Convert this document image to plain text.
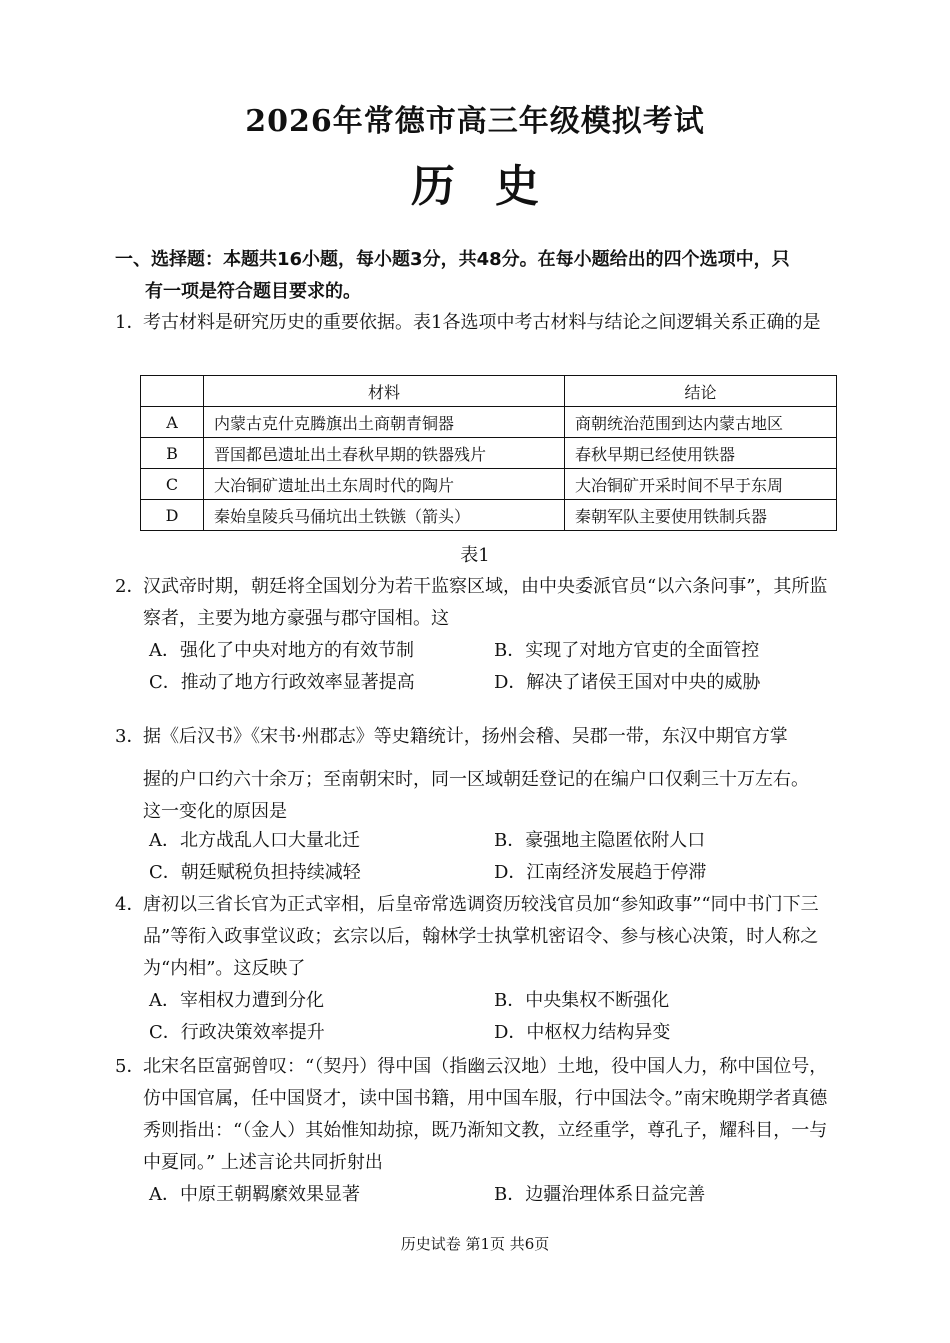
2026年常德市高三年级模拟考试
历史
一、选择题：本题共16小题，每小题3分，共48分。在每小题给出的四个选项中，只
有一项是符合题目要求的。
1．
考古材料是研究历史的重要依据。表1各选项中考古材料与结论之间逻辑关系正确的是
	材料	结论
A	内蒙古克什克腾旗出土商朝青铜器	商朝统治范围到达内蒙古地区
B	晋国都邑遗址出土春秋早期的铁器残片	春秋早期已经使用铁器
C	大冶铜矿遗址出土东周时代的陶片	大冶铜矿开采时间不早于东周
D	秦始皇陵兵马俑坑出土铁镞（箭头）	秦朝军队主要使用铁制兵器
表1
2．
汉武帝时期，朝廷将全国划分为若干监察区域，由中央委派官员“以六条问事”，其所监察者，主要为地方豪强与郡守国相。这
A．强化了中央对地方的有效节制	B．实现了对地方官吏的全面管控
C．推动了地方行政效率显著提高	D．解决了诸侯王国对中央的威胁
3．
据《后汉书》《宋书·州郡志》等史籍统计，扬州会稽、吴郡一带，东汉中期官方掌
握的户口约六十余万；至南朝宋时，同一区域朝廷登记的在编户口仅剩三十万左右。
这一变化的原因是
A．北方战乱人口大量北迁	B．豪强地主隐匿依附人口
C．朝廷赋税负担持续减轻	D．江南经济发展趋于停滞
4．
唐初以三省长官为正式宰相，后皇帝常选调资历较浅官员加“参知政事”“同中书门下三品”等衔入政事堂议政；玄宗以后，翰林学士执掌机密诏令、参与核心决策，时人称之为“内相”。这反映了
A．宰相权力遭到分化	B．中央集权不断强化
C．行政决策效率提升	D．中枢权力结构异变
5．
北宋名臣富弼曾叹：“（契丹）得中国（指幽云汉地）土地，役中国人力，称中国位号，仿中国官属，任中国贤才，读中国书籍，用中国车服，行中国法令。”南宋晚期学者真德秀则指出：“（金人）其始惟知劫掠，既乃渐知文教，立经重学，尊孔子，耀科目，一与中夏同。” 上述言论共同折射出
A．中原王朝羁縻效果显著	B．边疆治理体系日益完善
历史试卷 第1页 共6页
